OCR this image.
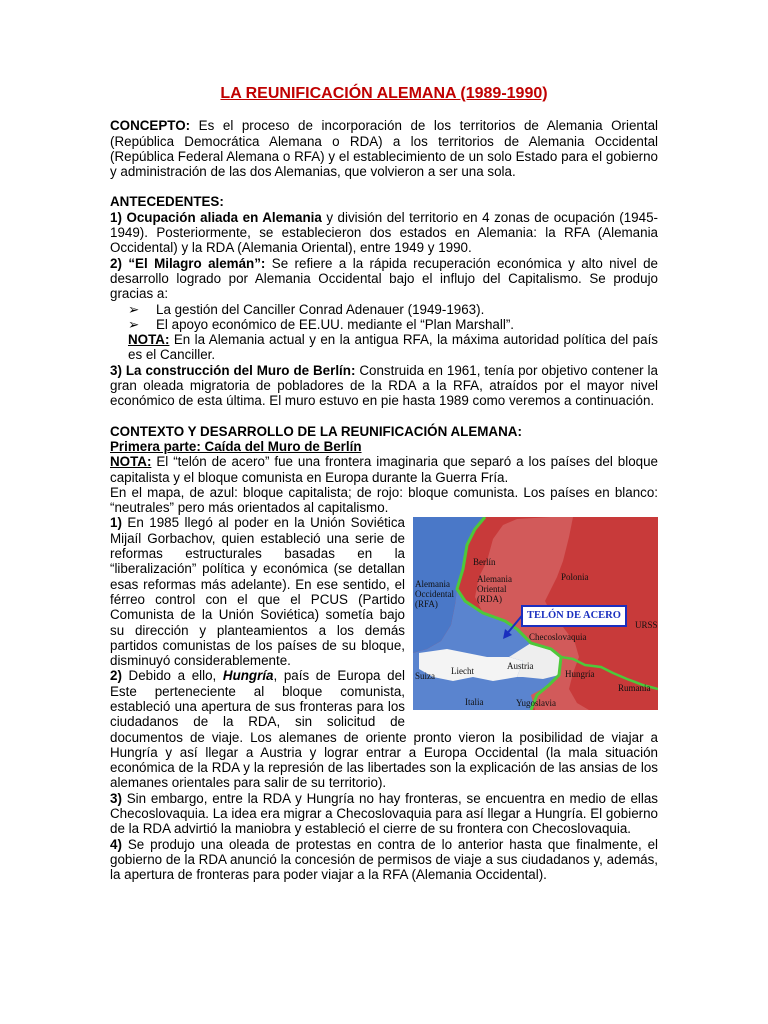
LA REUNIFICACIÓN ALEMANA (1989-1990)

CONCEPTO: Es el proceso de incorporación de los territorios de Alemania Oriental (República Democrática Alemana o RDA) a los territorios de Alemania Occidental (República Federal Alemana o RFA) y el establecimiento de un solo Estado para el gobierno y administración de las dos Alemanias, que volvieron a ser una sola.

ANTECEDENTES:

1) Ocupación aliada en Alemania y división del territorio en 4 zonas de ocupación (1945-1949). Posteriormente, se establecieron dos estados en Alemania: la RFA (Alemania Occidental) y la RDA (Alemania Oriental), entre 1949 y 1990.

2) “El Milagro alemán”: Se refiere a la rápida recuperación económica y alto nivel de desarrollo logrado por Alemania Occidental bajo el influjo del Capitalismo. Se produjo gracias a:

➢	La gestión del Canciller Conrad Adenauer (1949-1963).
➢	El apoyo económico de EE.UU. mediante el “Plan Marshall”.

NOTA: En la Alemania actual y en la antigua RFA, la máxima autoridad política del país es el Canciller.

3) La construcción del Muro de Berlín: Construida en 1961, tenía por objetivo contener la gran oleada migratoria de pobladores de la RDA a la RFA, atraídos por el mayor nivel económico de esta última. El muro estuvo en pie hasta 1989 como veremos a continuación.

CONTEXTO Y DESARROLLO DE LA REUNIFICACIÓN ALEMANA:
Primera parte: Caída del Muro de Berlín

NOTA: El “telón de acero” fue una frontera imaginaria que separó a los países del bloque capitalista y el bloque comunista en Europa durante la Guerra Fría.

En el mapa, de azul: bloque capitalista; de rojo: bloque comunista. Los países en blanco: “neutrales” pero más orientados al capitalismo.

Berlín
Alemania
Occidental
(RFA)
Alemania
Oriental
(RDA)
Polonia
TELÓN DE ACERO
Checoslovaquia
URSS
Suiza Liecht	Austria
Hungría
Rumania
Italia	Yugoslavia

1) En 1985 llegó al poder en la Unión Soviética Mijaíl Gorbachov, quien estableció una serie de reformas estructurales basadas en la “liberalización” política y económica (se detallan esas reformas más adelante). En ese sentido, el férreo control con el que el PCUS (Partido Comunista de la Unión Soviética) sometía bajo su dirección y planteamientos a los demás partidos comunistas de los países de su bloque, disminuyó considerablemente.

2) Debido a ello, Hungría, país de Europa del Este perteneciente al bloque comunista, estableció una apertura de sus fronteras para los ciudadanos de la RDA, sin solicitud de documentos de viaje. Los alemanes de oriente pronto vieron la posibilidad de viajar a Hungría y así llegar a Austria y lograr entrar a Europa Occidental (la mala situación económica de la RDA y la represión de las libertades son la explicación de las ansias de los alemanes orientales para salir de su territorio).

3) Sin embargo, entre la RDA y Hungría no hay fronteras, se encuentra en medio de ellas Checoslovaquia. La idea era migrar a Checoslovaquia para así llegar a Hungría. El gobierno de la RDA advirtió la maniobra y estableció el cierre de su frontera con Checoslovaquia.

4) Se produjo una oleada de protestas en contra de lo anterior hasta que finalmente, el gobierno de la RDA anunció la concesión de permisos de viaje a sus ciudadanos y, además, la apertura de fronteras para poder viajar a la RFA (Alemania Occidental).
